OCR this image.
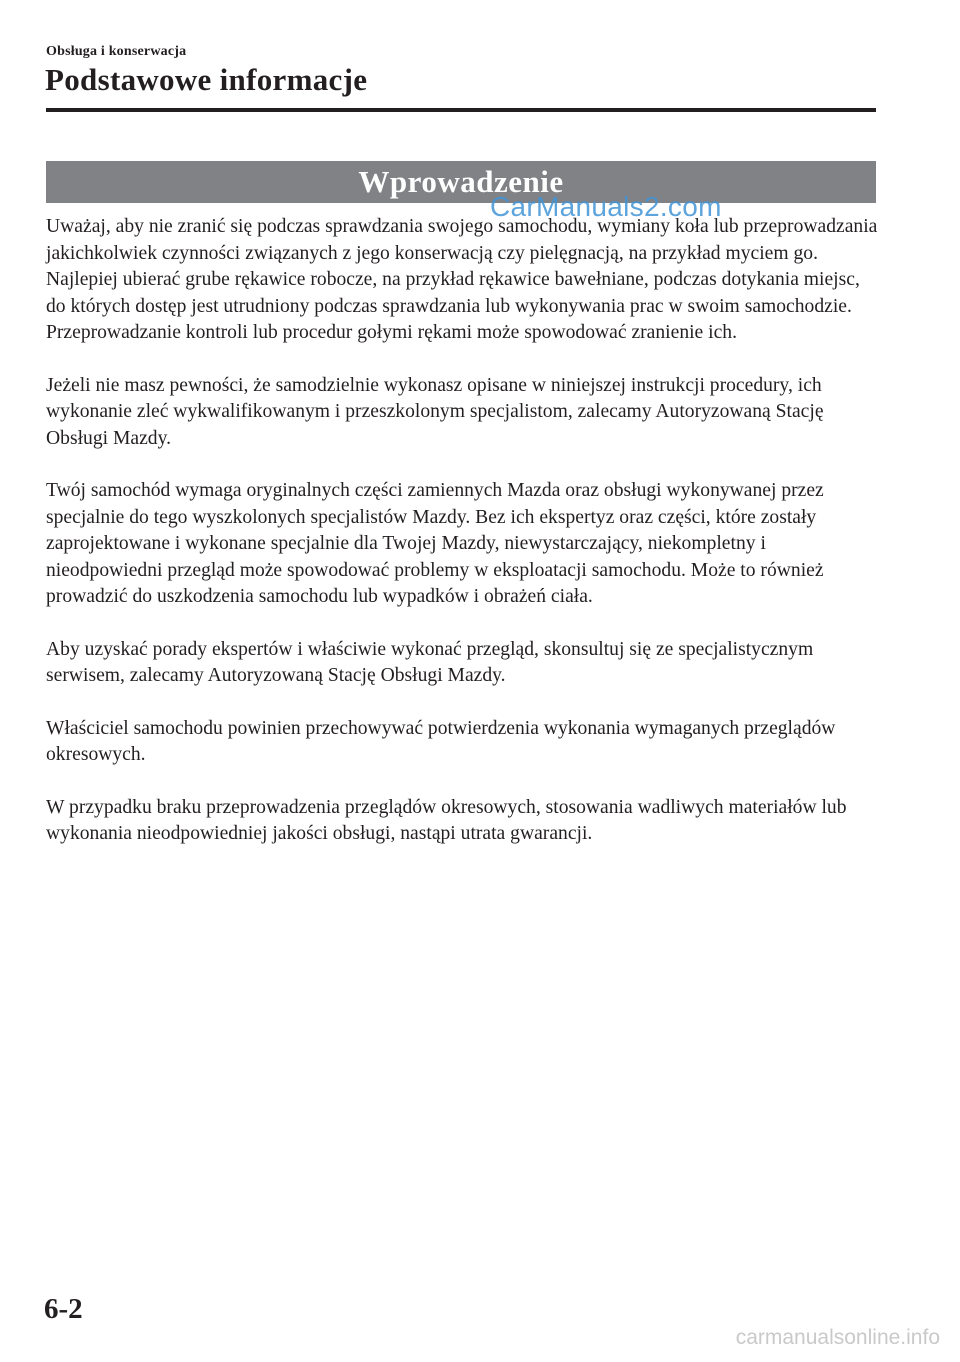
Obsługa i konserwacja
Podstawowe informacje
Wprowadzenie
CarManuals2.com

Uważaj, aby nie zranić się podczas sprawdzania swojego samochodu, wymiany koła lub przeprowadzania jakichkolwiek czynności związanych z jego konserwacją czy pielęgnacją, na przykład myciem go. Najlepiej ubierać grube rękawice robocze, na przykład rękawice bawełniane, podczas dotykania miejsc, do których dostęp jest utrudniony podczas sprawdzania lub wykonywania prac w swoim samochodzie. Przeprowadzanie kontroli lub procedur gołymi rękami może spowodować zranienie ich.

Jeżeli nie masz pewności, że samodzielnie wykonasz opisane w niniejszej instrukcji procedury, ich wykonanie zleć wykwalifikowanym i przeszkolonym specjalistom, zalecamy Autoryzowaną Stację Obsługi Mazdy.

Twój samochód wymaga oryginalnych części zamiennych Mazda oraz obsługi wykonywanej przez specjalnie do tego wyszkolonych specjalistów Mazdy. Bez ich ekspertyz oraz części, które zostały zaprojektowane i wykonane specjalnie dla Twojej Mazdy, niewystarczający, niekompletny i nieodpowiedni przegląd może spowodować problemy w eksploatacji samochodu. Może to również prowadzić do uszkodzenia samochodu lub wypadków i obrażeń ciała.

Aby uzyskać porady ekspertów i właściwie wykonać przegląd, skonsultuj się ze specjalistycznym serwisem, zalecamy Autoryzowaną Stację Obsługi Mazdy.

Właściciel samochodu powinien przechowywać potwierdzenia wykonania wymaganych przeglądów okresowych.

W przypadku braku przeprowadzenia przeglądów okresowych, stosowania wadliwych materiałów lub wykonania nieodpowiedniej jakości obsługi, nastąpi utrata gwarancji.

6-2
carmanualsonline.info
